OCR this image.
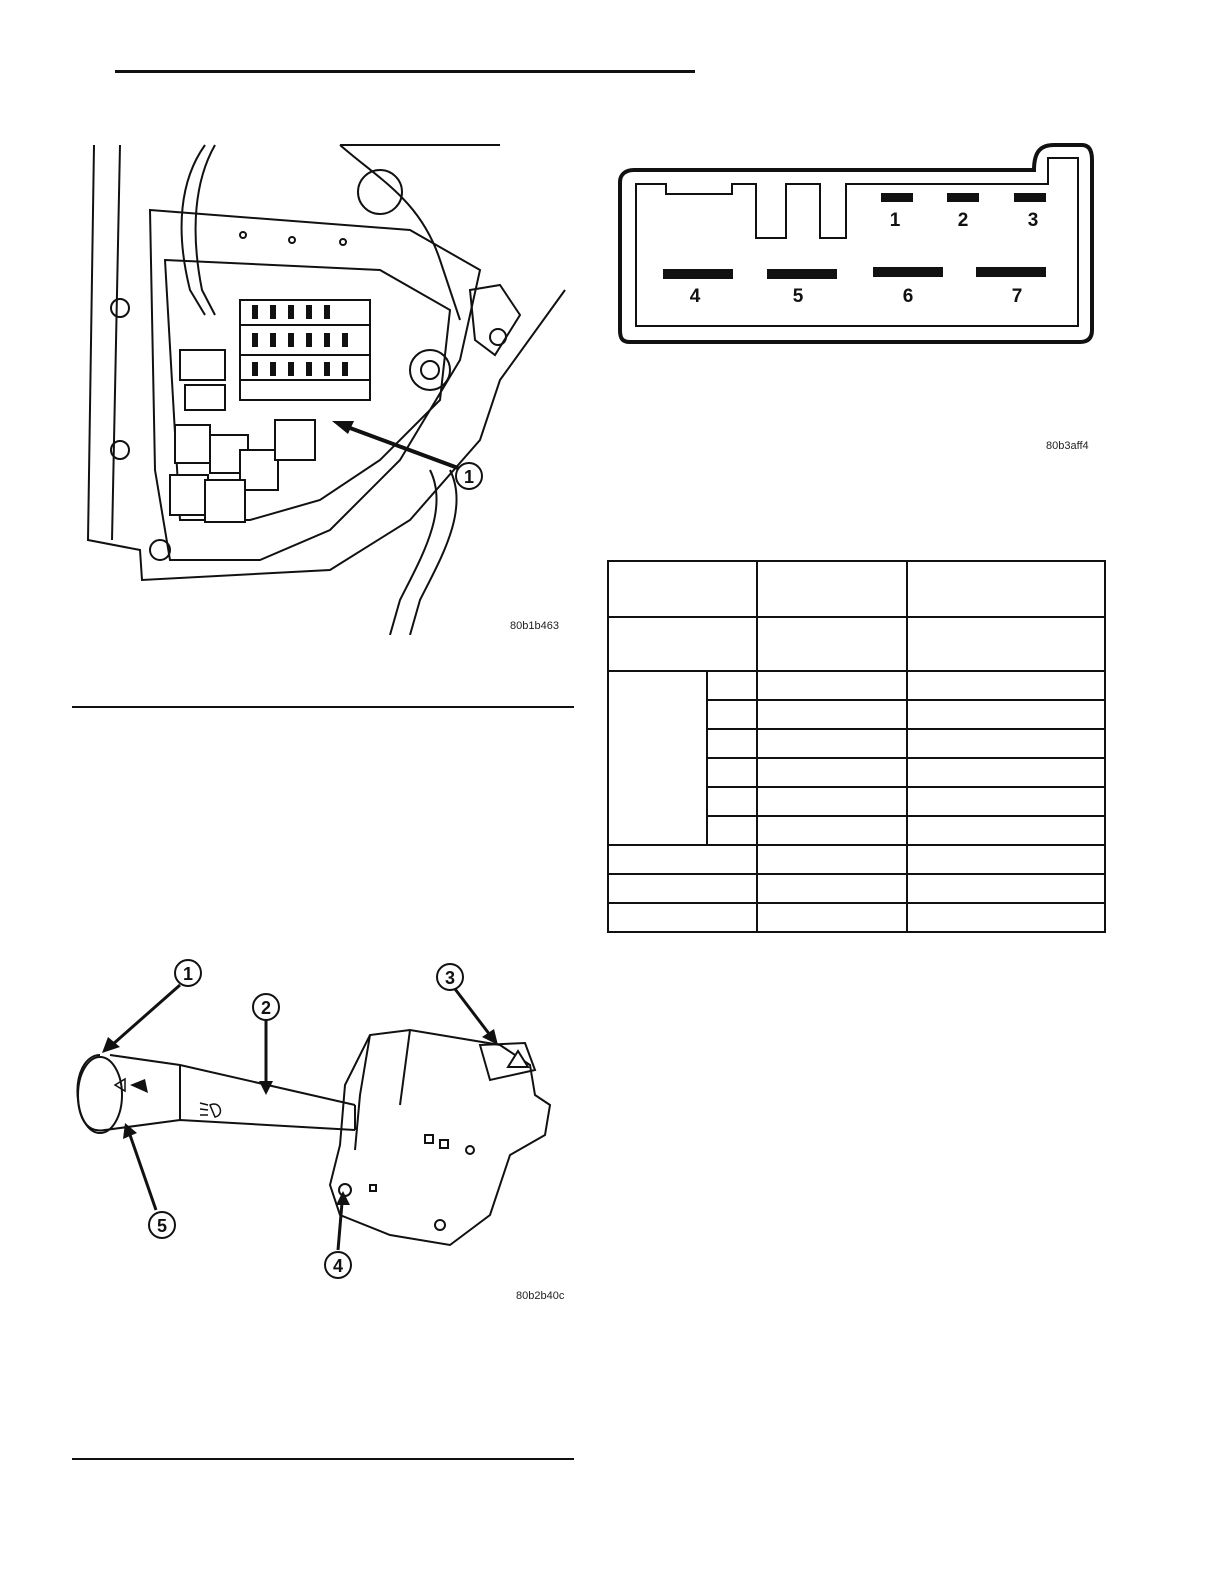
1
80b1b463
1
2
3
4
5
80b2b40c
1	2	3
4	5	6	7
80b3aff4
